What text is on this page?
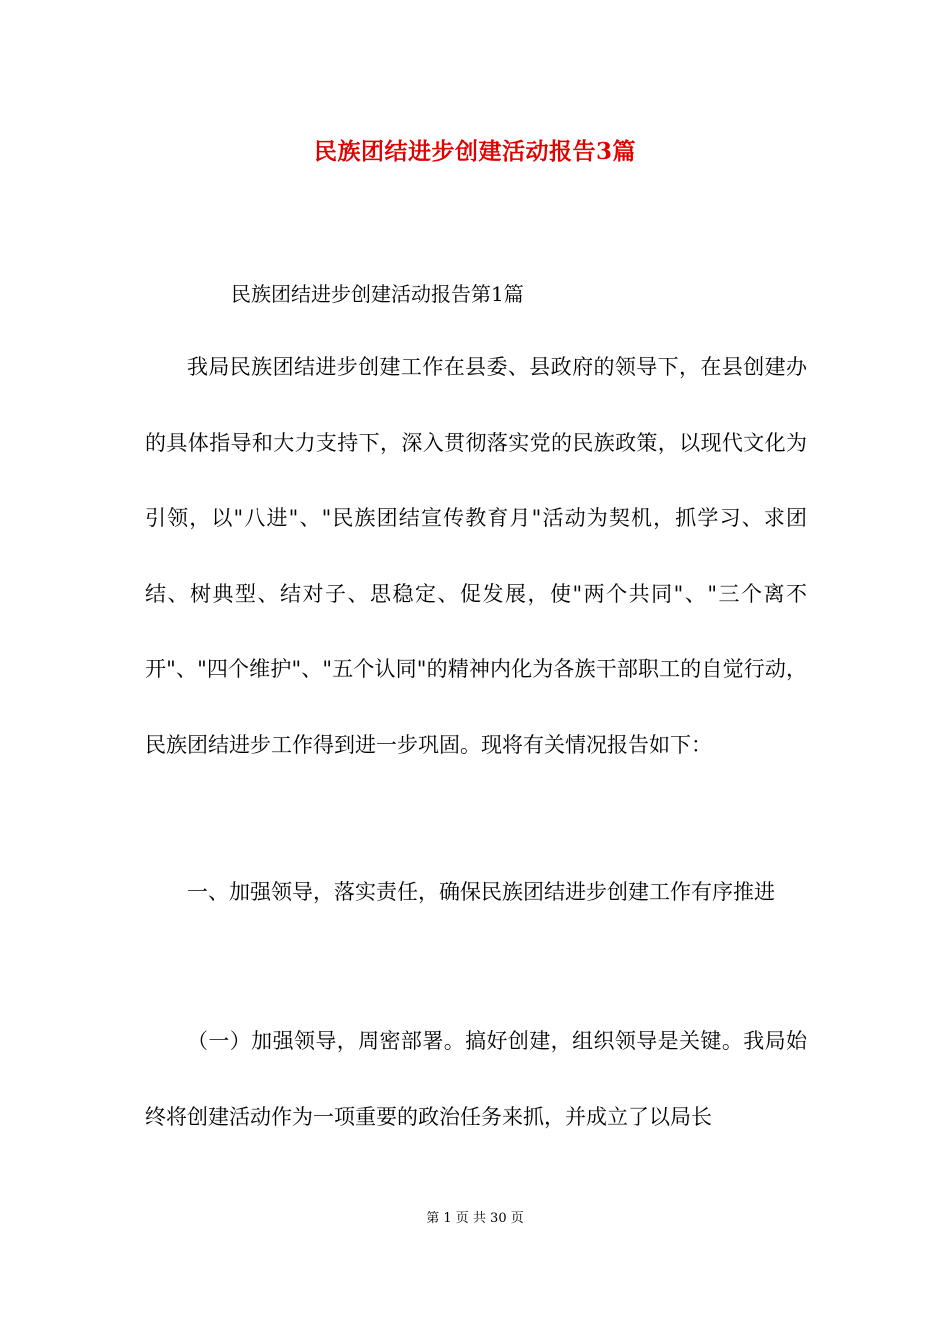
民族团结进步创建活动报告3篇
民族团结进步创建活动报告第1篇

我局民族团结进步创建工作在县委、县政府的领导下，在县创建办的具体指导和大力支持下，深入贯彻落实党的民族政策，以现代文化为引领，以"八进"、"民族团结宣传教育月"活动为契机，抓学习、求团结、树典型、结对子、思稳定、促发展，使"两个共同"、"三个离不开"、"四个维护"、"五个认同"的精神内化为各族干部职工的自觉行动，民族团结进步工作得到进一步巩固。现将有关情况报告如下：

一、加强领导，落实责任，确保民族团结进步创建工作有序推进

（一）加强领导，周密部署。搞好创建，组织领导是关键。我局始终将创建活动作为一项重要的政治任务来抓，并成立了以局长

第 1 页 共 30 页
